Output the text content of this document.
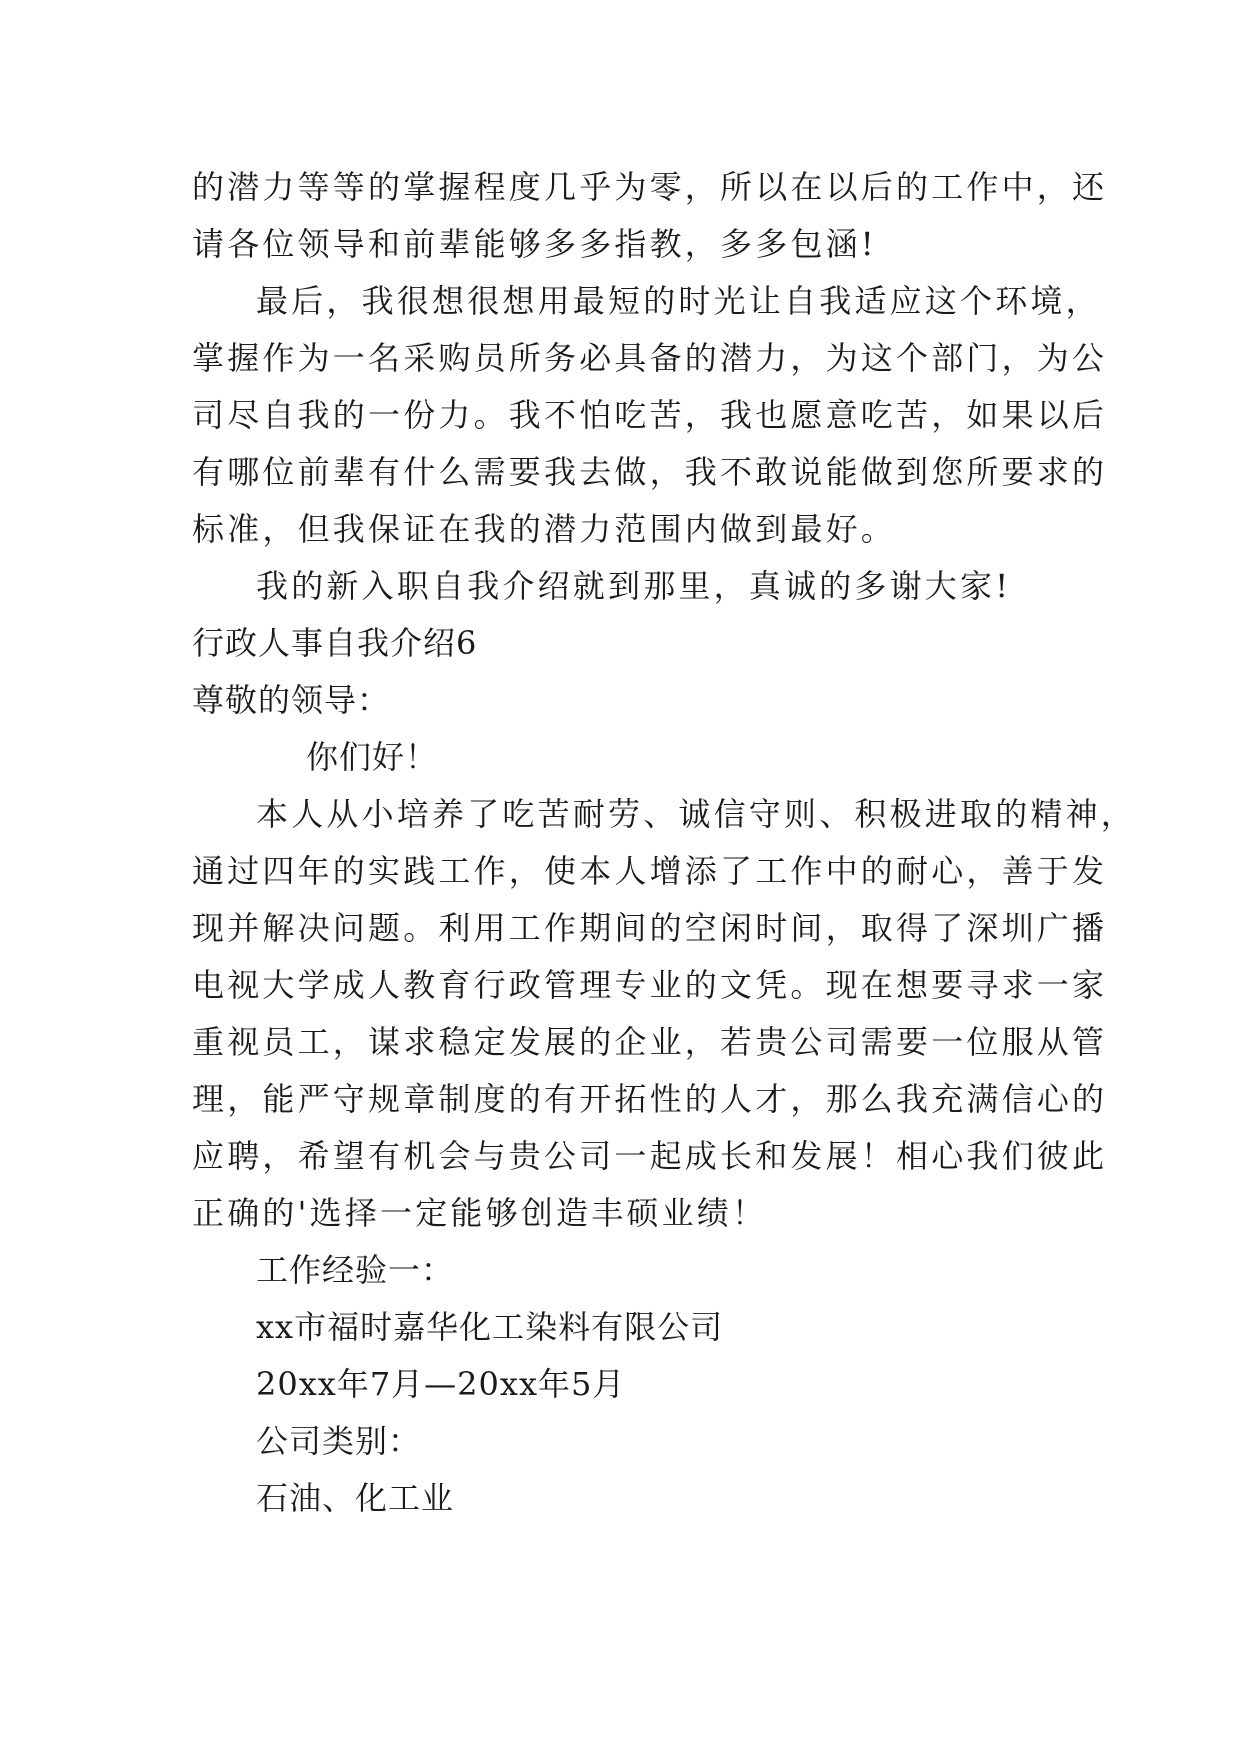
的潜力等等的掌握程度几乎为零，所以在以后的工作中，还
请各位领导和前辈能够多多指教，多多包涵!
最后，我很想很想用最短的时光让自我适应这个环境，
掌握作为一名采购员所务必具备的潜力，为这个部门，为公
司尽自我的一份力。我不怕吃苦，我也愿意吃苦，如果以后
有哪位前辈有什么需要我去做，我不敢说能做到您所要求的
标准，但我保证在我的潜力范围内做到最好。
我的新入职自我介绍就到那里，真诚的多谢大家!
行政人事自我介绍6
尊敬的领导：
你们好！
本人从小培养了吃苦耐劳、诚信守则、积极进取的精神，
通过四年的实践工作，使本人增添了工作中的耐心，善于发
现并解决问题。利用工作期间的空闲时间，取得了深圳广播
电视大学成人教育行政管理专业的文凭。现在想要寻求一家
重视员工，谋求稳定发展的企业，若贵公司需要一位服从管
理，能严守规章制度的有开拓性的人才，那么我充满信心的
应聘，希望有机会与贵公司一起成长和发展！相心我们彼此
正确的'选择一定能够创造丰硕业绩！
工作经验一：
xx市福时嘉华化工染料有限公司
20xx年7月—20xx年5月
公司类别：
石油、化工业
